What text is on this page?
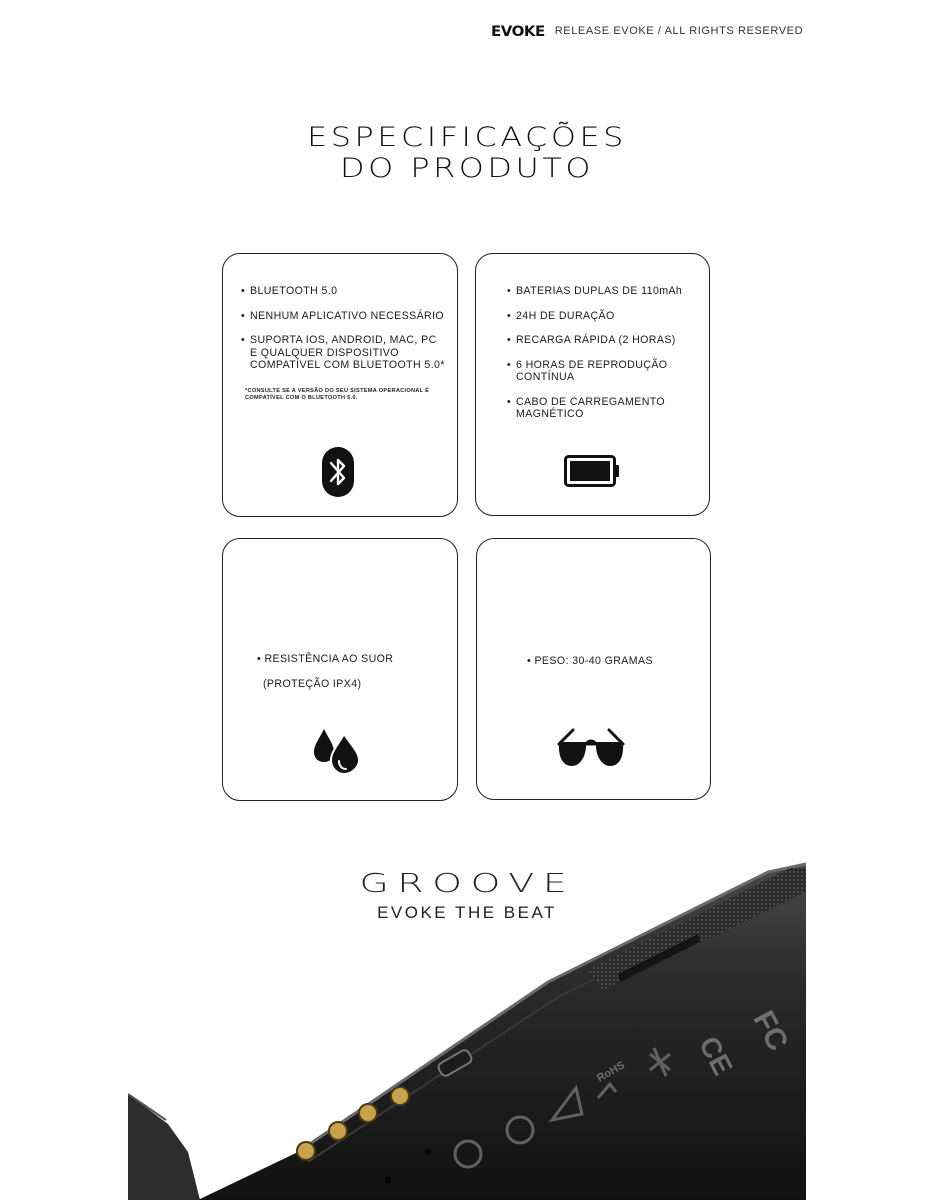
EVOKE RELEASE EVOKE / ALL RIGHTS RESERVED
ESPECIFICAÇÕES
DO PRODUTO
• BLUETOOTH 5.0
• NENHUM APLICATIVO NECESSÁRIO
• SUPORTA IOS, ANDROID, MAC, PC E QUALQUER DISPOSITIVO COMPATÍVEL COM BLUETOOTH 5.0*
*CONSULTE SE A VERSÃO DO SEU SISTEMA OPERACIONAL É COMPATÍVEL COM O BLUETOOTH 5.0.
• BATERIAS DUPLAS DE 110mAh
• 24H DE DURAÇÃO
• RECARGA RÁPIDA (2 HORAS)
• 6 HORAS DE REPRODUÇÃO CONTÍNUA
• CABO DE CARREGAMENTO MAGNÉTICO
• RESISTÊNCIA AO SUOR
(PROTEÇÃO IPX4)
• PESO: 30-40 GRAMAS
FC
CE
RoHS
GROOVE
EVOKE THE BEAT
